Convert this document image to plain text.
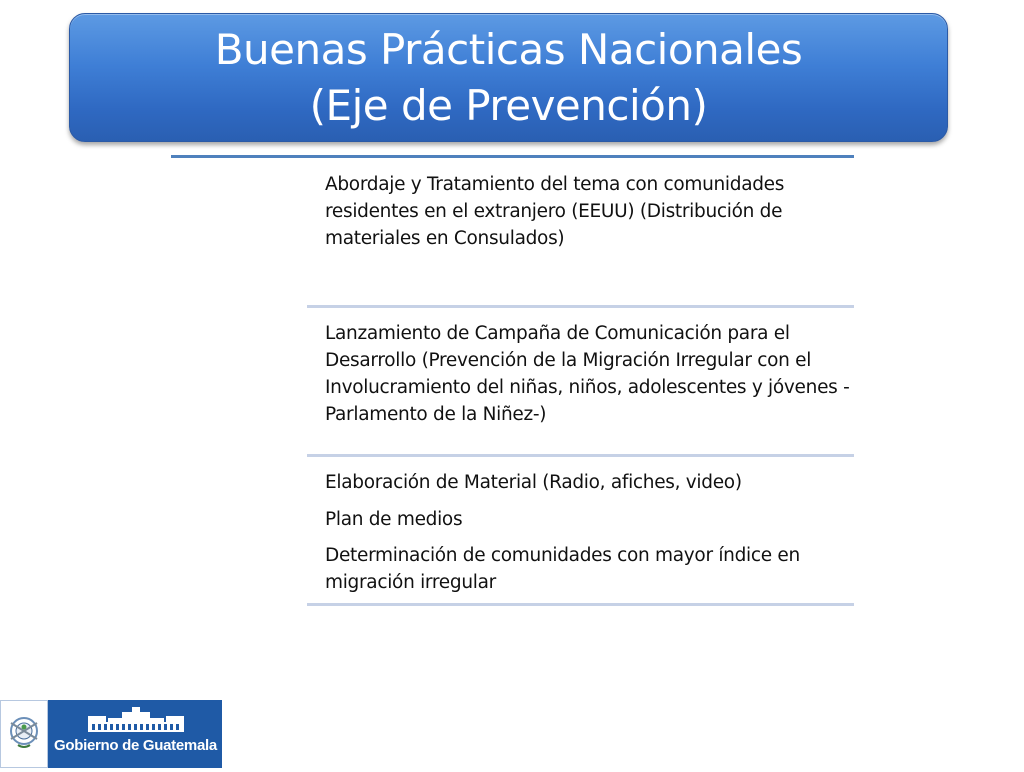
Buenas Prácticas Nacionales
(Eje de Prevención)
Abordaje y Tratamiento del tema con comunidades residentes en el extranjero (EEUU) (Distribución de materiales en Consulados)
Lanzamiento de Campaña de Comunicación para el Desarrollo (Prevención de la Migración Irregular con el Involucramiento del niñas, niños, adolescentes y jóvenes -Parlamento de la Niñez-)
Elaboración de Material (Radio, afiches, video)
Plan de medios
Determinación de comunidades con mayor índice en migración irregular
Gobierno de Guatemala
